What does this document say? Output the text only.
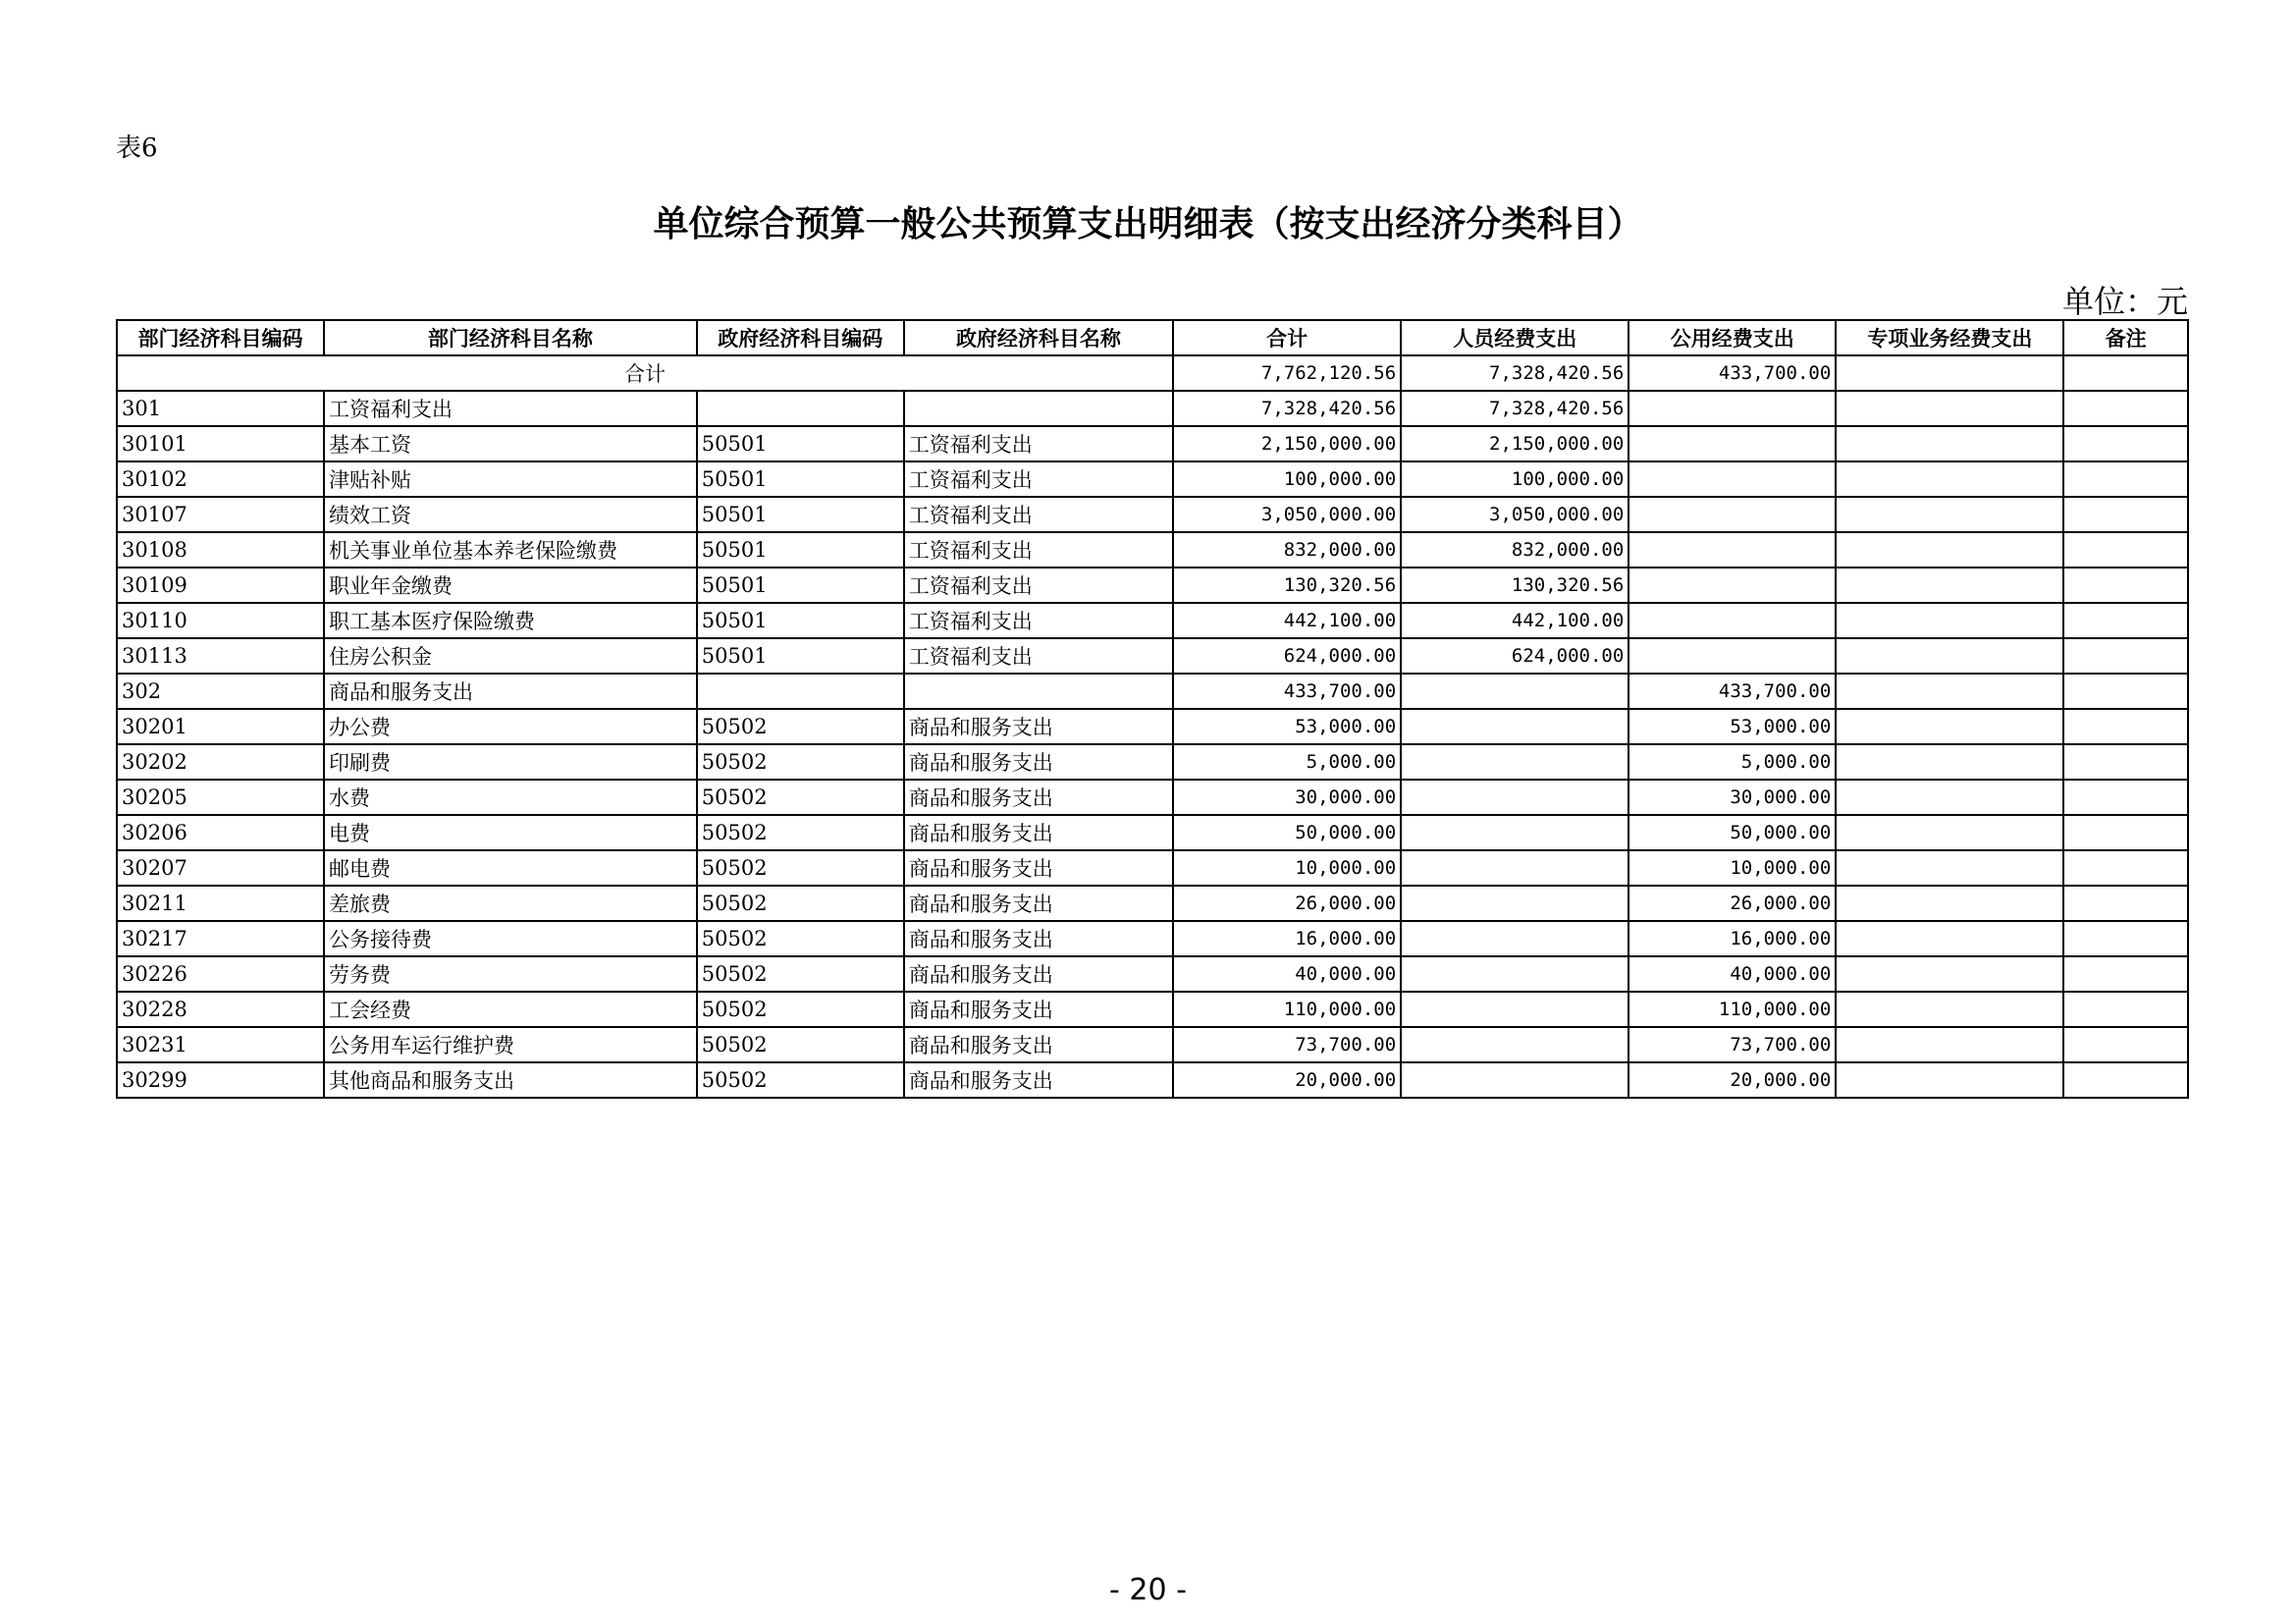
表6
单位综合预算一般公共预算支出明细表（按支出经济分类科目）
单位：元
部门经济科目编码	部门经济科目名称	政府经济科目编码	政府经济科目名称	合计	人员经费支出	公用经费支出	专项业务经费支出	备注
合计				7,762,120.56	7,328,420.56	433,700.00		
301	工资福利支出			7,328,420.56	7,328,420.56			
30101	基本工资	50501	工资福利支出	2,150,000.00	2,150,000.00			
30102	津贴补贴	50501	工资福利支出	100,000.00	100,000.00			
30107	绩效工资	50501	工资福利支出	3,050,000.00	3,050,000.00			
30108	机关事业单位基本养老保险缴费	50501	工资福利支出	832,000.00	832,000.00			
30109	职业年金缴费	50501	工资福利支出	130,320.56	130,320.56			
30110	职工基本医疗保险缴费	50501	工资福利支出	442,100.00	442,100.00			
30113	住房公积金	50501	工资福利支出	624,000.00	624,000.00			
302	商品和服务支出			433,700.00		433,700.00		
30201	办公费	50502	商品和服务支出	53,000.00		53,000.00		
30202	印刷费	50502	商品和服务支出	5,000.00		5,000.00		
30205	水费	50502	商品和服务支出	30,000.00		30,000.00		
30206	电费	50502	商品和服务支出	50,000.00		50,000.00		
30207	邮电费	50502	商品和服务支出	10,000.00		10,000.00		
30211	差旅费	50502	商品和服务支出	26,000.00		26,000.00		
30217	公务接待费	50502	商品和服务支出	16,000.00		16,000.00		
30226	劳务费	50502	商品和服务支出	40,000.00		40,000.00		
30228	工会经费	50502	商品和服务支出	110,000.00		110,000.00		
30231	公务用车运行维护费	50502	商品和服务支出	73,700.00		73,700.00		
30299	其他商品和服务支出	50502	商品和服务支出	20,000.00		20,000.00		
- 20 -
